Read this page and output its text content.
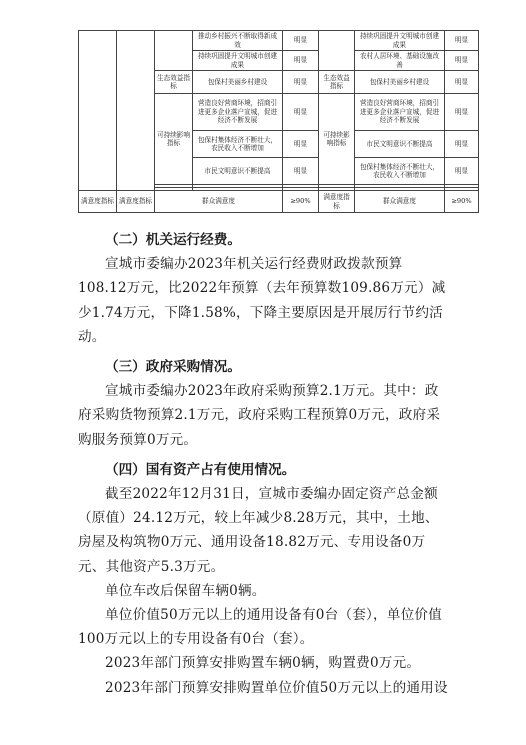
			推动乡村振兴不断取得新成效	明显		持续巩固提升文明城市创建成果	明显
			持续巩固提升文明城市创建成果	明显		农村人居环境、基础设施改善	明显
		生态效益指标	包保村美丽乡村建设	明显	生态效益指标	包保村美丽乡村建设	明显
		可持续影响指标	营造良好营商环境，招商引进更多企业落户宣城，促进经济不断发展	明显	可持续影响指标	营造良好营商环境，招商引进更多企业落户宣城，促进经济不断发展	明显
			包保村集体经济不断壮大，农民收入不断增加	明显		市民文明意识不断提高	明显
			市民文明意识不断提高	明显		包保村集体经济不断壮大，农民收入不断增加	明显

满意度指标	满意度指标	群众满意度		≥90%	满意度指标	群众满意度	≥90%

（二）机关运行经费。

宣城市委编办2023年机关运行经费财政拨款预算108.12万元，比2022年预算（去年预算数109.86万元）减少1.74万元，下降1.58%，下降主要原因是开展厉行节约活动。

（三）政府采购情况。

宣城市委编办2023年政府采购预算2.1万元。其中：政府采购货物预算2.1万元，政府采购工程预算0万元，政府采购服务预算0万元。

（四）国有资产占有使用情况。

截至2022年12月31日，宣城市委编办固定资产总金额（原值）24.12万元，较上年减少8.28万元，其中，土地、房屋及构筑物0万元、通用设备18.82万元、专用设备0万元、其他资产5.3万元。

单位车改后保留车辆0辆。

单位价值50万元以上的通用设备有0台（套），单位价值100万元以上的专用设备有0台（套）。

2023年部门预算安排购置车辆0辆，购置费0万元。

2023年部门预算安排购置单位价值50万元以上的通用设
